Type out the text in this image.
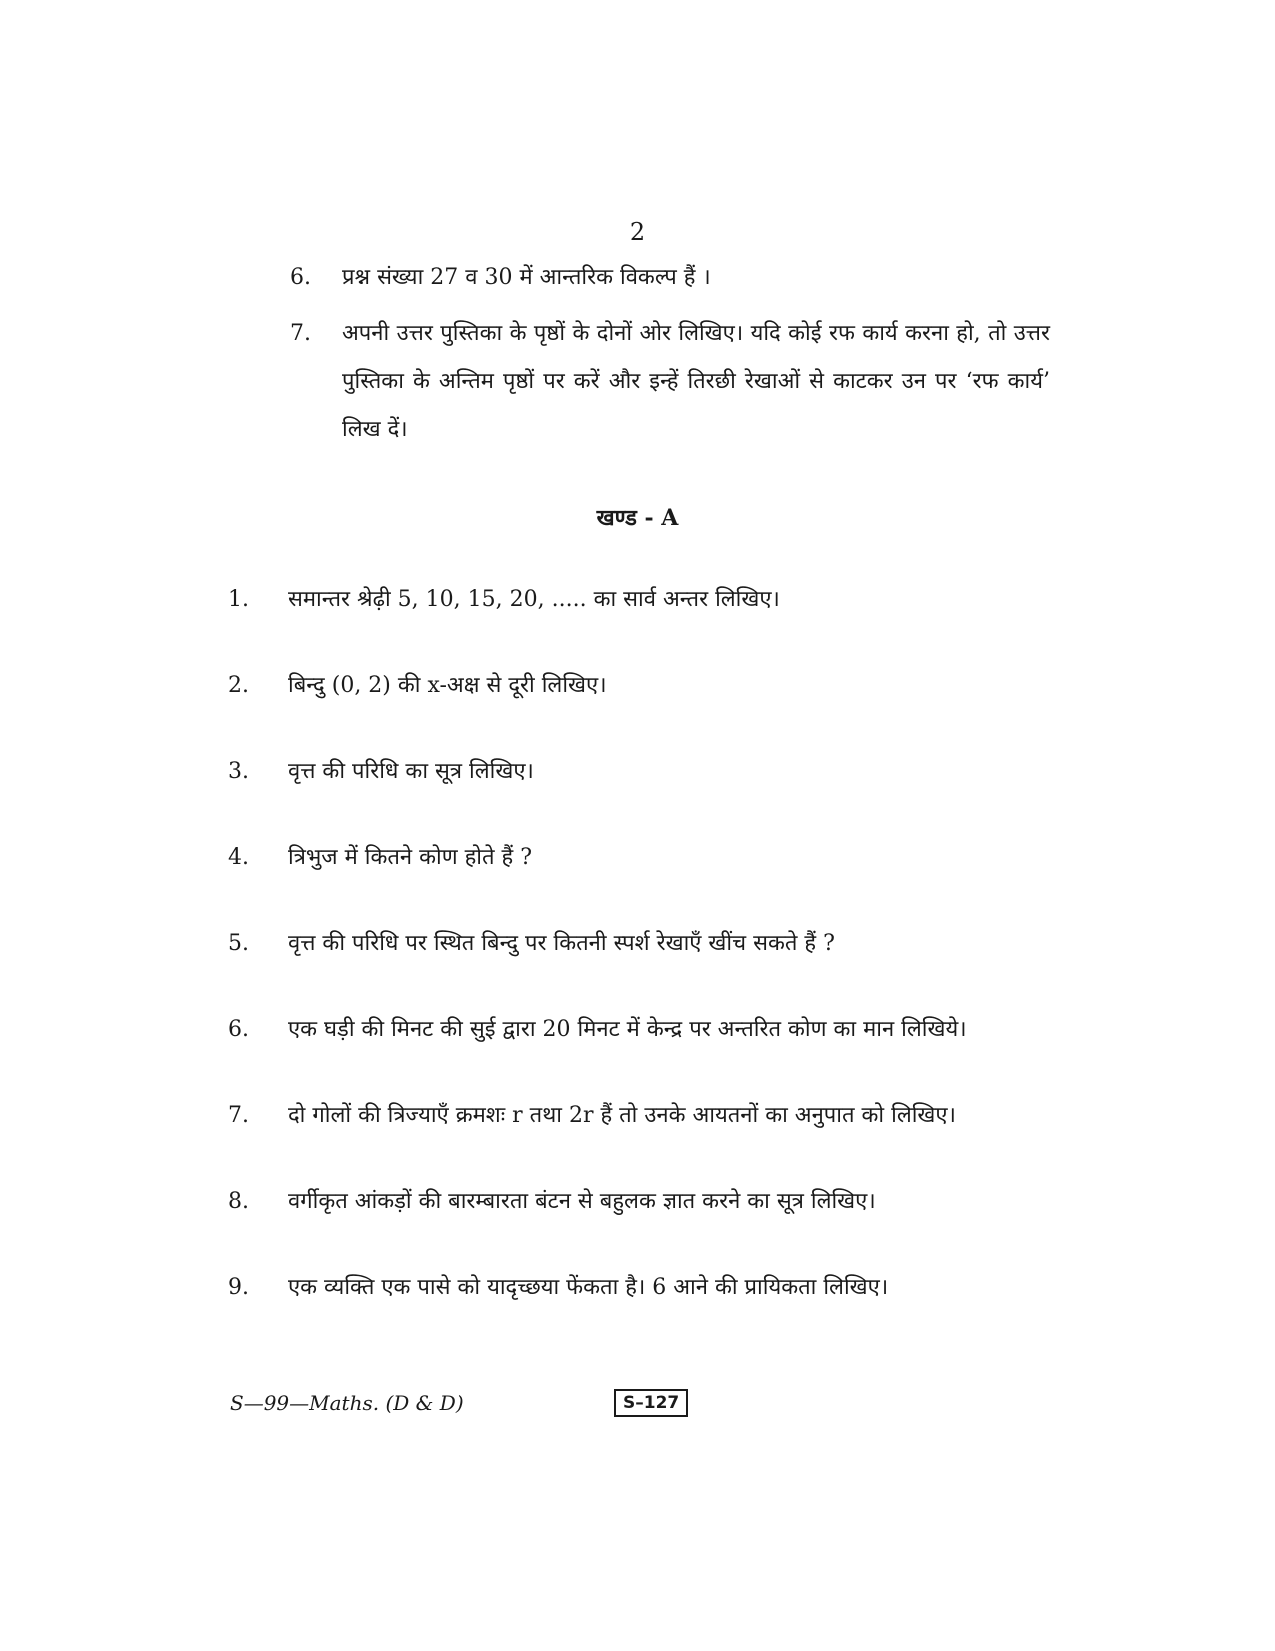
2
6.	प्रश्न संख्या 27 व 30 में आन्तरिक विकल्प हैं ।
7.	अपनी उत्तर पुस्तिका के पृष्ठों के दोनों ओर लिखिए। यदि कोई रफ कार्य करना हो, तो उत्तर पुस्तिका के अन्तिम पृष्ठों पर करें और इन्हें तिरछी रेखाओं से काटकर उन पर ‘रफ कार्य’ लिख दें।
खण्ड - A
1. समान्तर श्रेढ़ी 5, 10, 15, 20, ..... का सार्व अन्तर लिखिए।
2. बिन्दु (0, 2) की x-अक्ष से दूरी लिखिए।
3. वृत्त की परिधि का सूत्र लिखिए।
4. त्रिभुज में कितने कोण होते हैं ?
5. वृत्त की परिधि पर स्थित बिन्दु पर कितनी स्पर्श रेखाएँ खींच सकते हैं ?
6. एक घड़ी की मिनट की सुई द्वारा 20 मिनट में केन्द्र पर अन्तरित कोण का मान लिखिये।
7. दो गोलों की त्रिज्याएँ क्रमशः r तथा 2r हैं तो उनके आयतनों का अनुपात को लिखिए।
8. वर्गीकृत आंकड़ों की बारम्बारता बंटन से बहुलक ज्ञात करने का सूत्र लिखिए।
9. एक व्यक्ति एक पासे को यादृच्छया फेंकता है। 6 आने की प्रायिकता लिखिए।
S—99—Maths. (D & D)	S–127
